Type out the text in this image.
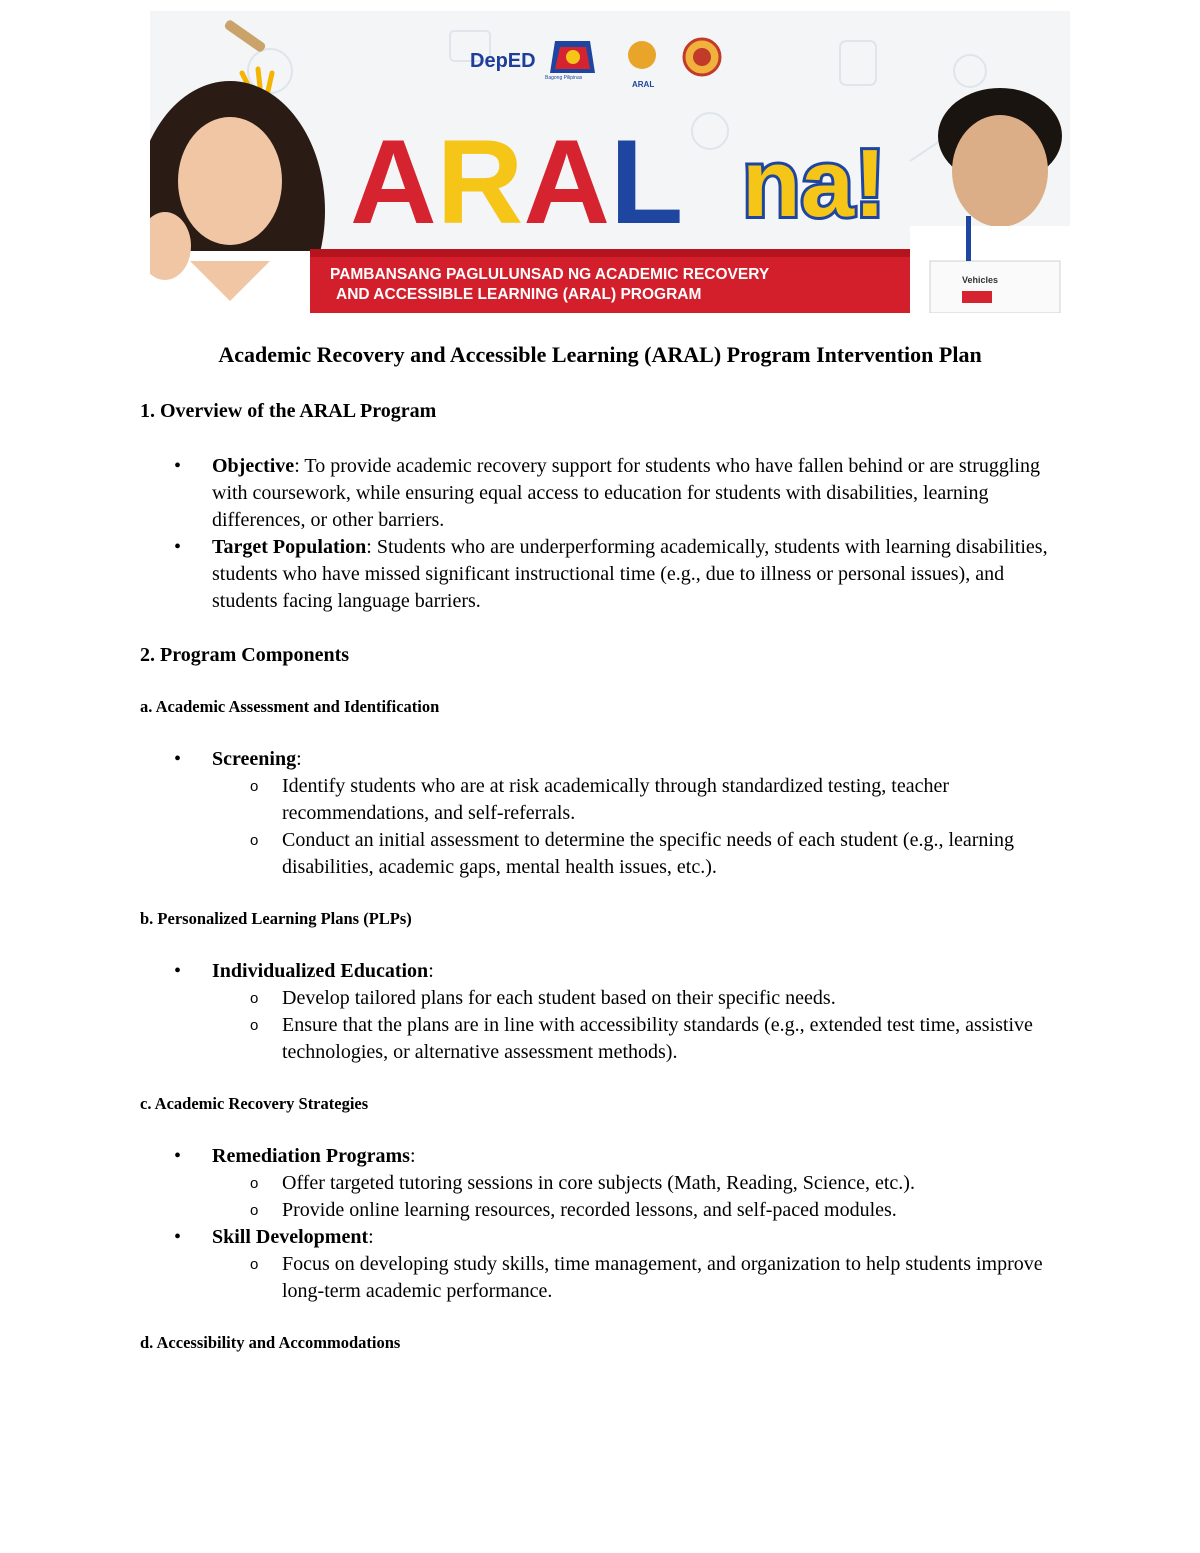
DepED
ARAL
Vehicles
ARAL na!
PAMBANSANG PAGLULUNSAD NG ACADEMIC RECOVERY
AND ACCESSIBLE LEARNING (ARAL) PROGRAM
Bagong Pilipinas
Academic Recovery and Accessible Learning (ARAL) Program Intervention Plan
1. Overview of the ARAL Program
• Objective: To provide academic recovery support for students who have fallen behind or are struggling with coursework, while ensuring equal access to education for students with disabilities, learning differences, or other barriers.
• Target Population: Students who are underperforming academically, students with learning disabilities, students who have missed significant instructional time (e.g., due to illness or personal issues), and students facing language barriers.
2. Program Components
a. Academic Assessment and Identification
• Screening:
o Identify students who are at risk academically through standardized testing, teacher recommendations, and self-referrals.
o Conduct an initial assessment to determine the specific needs of each student (e.g., learning disabilities, academic gaps, mental health issues, etc.).
b. Personalized Learning Plans (PLPs)
• Individualized Education:
o Develop tailored plans for each student based on their specific needs.
o Ensure that the plans are in line with accessibility standards (e.g., extended test time, assistive technologies, or alternative assessment methods).
c. Academic Recovery Strategies
• Remediation Programs:
o Offer targeted tutoring sessions in core subjects (Math, Reading, Science, etc.).
o Provide online learning resources, recorded lessons, and self-paced modules.
• Skill Development:
o Focus on developing study skills, time management, and organization to help students improve long-term academic performance.
d. Accessibility and Accommodations
